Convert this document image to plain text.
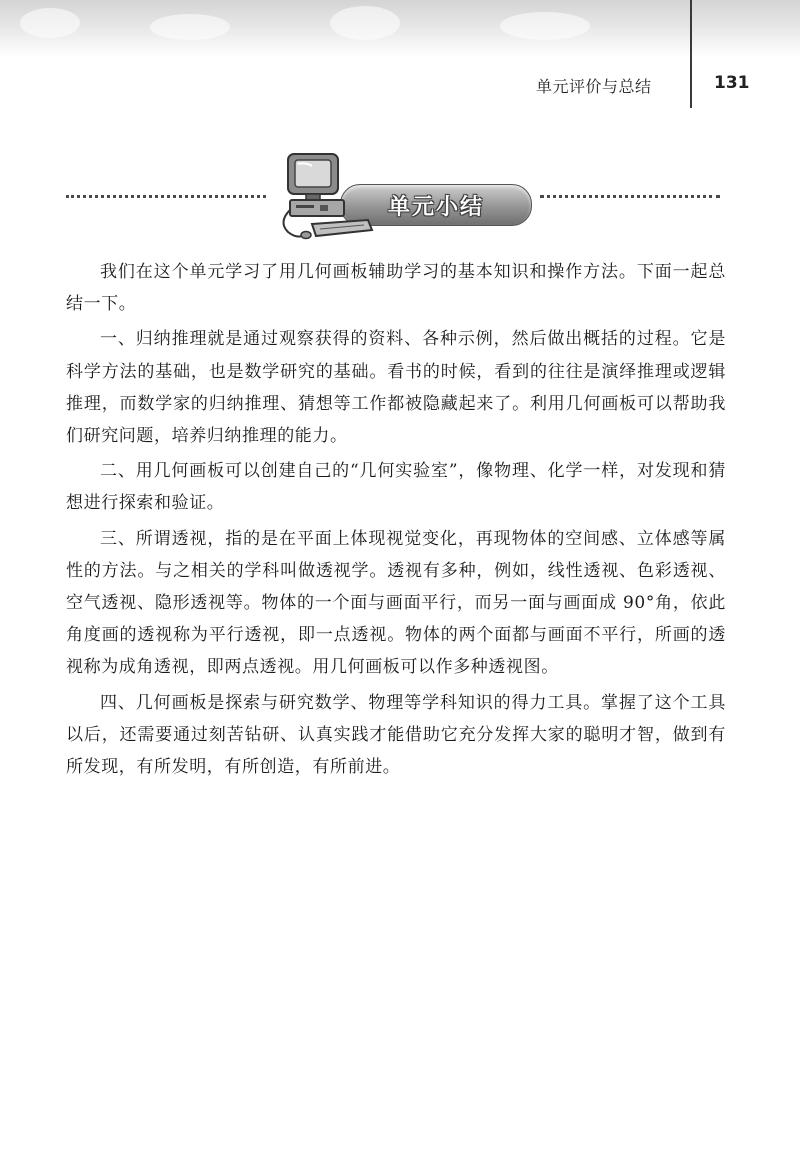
单元评价与总结	131
单元小结

我们在这个单元学习了用几何画板辅助学习的基本知识和操作方法。下面一起总结一下。

一、归纳推理就是通过观察获得的资料、各种示例，然后做出概括的过程。它是科学方法的基础，也是数学研究的基础。看书的时候，看到的往往是演绎推理或逻辑推理，而数学家的归纳推理、猜想等工作都被隐藏起来了。利用几何画板可以帮助我们研究问题，培养归纳推理的能力。

二、用几何画板可以创建自己的“几何实验室”，像物理、化学一样，对发现和猜想进行探索和验证。

三、所谓透视，指的是在平面上体现视觉变化，再现物体的空间感、立体感等属性的方法。与之相关的学科叫做透视学。透视有多种，例如，线性透视、色彩透视、空气透视、隐形透视等。物体的一个面与画面平行，而另一面与画面成 90°角，依此角度画的透视称为平行透视，即一点透视。物体的两个面都与画面不平行，所画的透视称为成角透视，即两点透视。用几何画板可以作多种透视图。

四、几何画板是探索与研究数学、物理等学科知识的得力工具。掌握了这个工具以后，还需要通过刻苦钻研、认真实践才能借助它充分发挥大家的聪明才智，做到有所发现，有所发明，有所创造，有所前进。
